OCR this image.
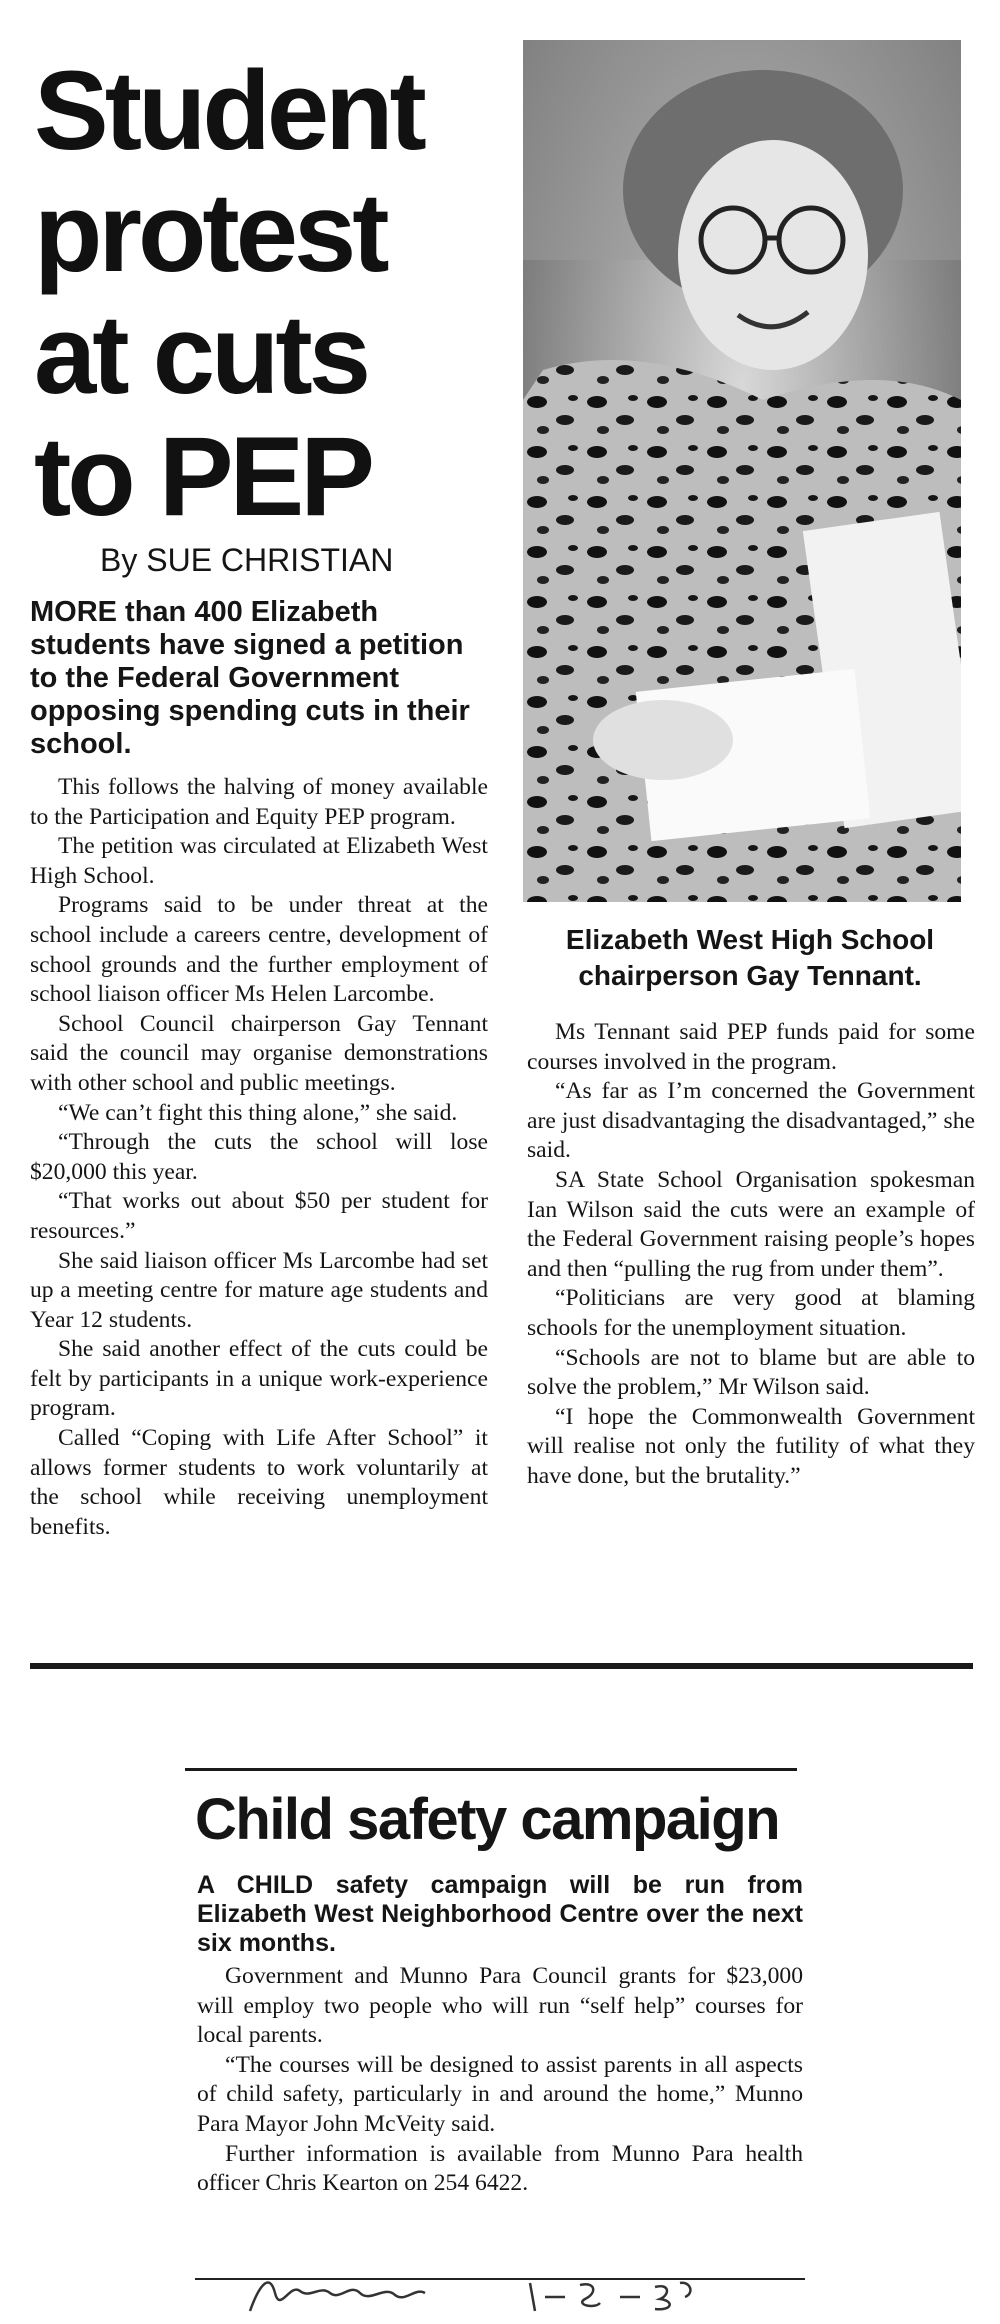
Student
protest
at cuts
to PEP
By SUE CHRISTIAN

MORE than 400 Elizabeth students have signed a petition to the Federal Government opposing spending cuts in their school.

This follows the halving of money available to the Participation and Equity PEP program.

The petition was circulated at Elizabeth West High School.

Programs said to be under threat at the school include a careers centre, development of school grounds and the further employment of school liaison officer Ms Helen Larcombe.

School Council chairperson Gay Tennant said the council may organise demonstrations with other school and public meetings.

“We can’t fight this thing alone,” she said.

“Through the cuts the school will lose $20,000 this year.

“That works out about $50 per student for resources.”

She said liaison officer Ms Larcombe had set up a meeting centre for mature age students and Year 12 students.

She said another effect of the cuts could be felt by participants in a unique work-experience program.

Called “Coping with Life After School” it allows former students to work voluntarily at the school while receiving unemployment benefits.

Elizabeth West High School chairperson Gay Tennant.

Ms Tennant said PEP funds paid for some courses involved in the program.

“As far as I’m concerned the Government are just disadvantaging the disadvantaged,” she said.

SA State School Organisation spokesman Ian Wilson said the cuts were an example of the Federal Government raising people’s hopes and then “pulling the rug from under them”.

“Politicians are very good at blaming schools for the unemployment situation.

“Schools are not to blame but are able to solve the problem,” Mr Wilson said.

“I hope the Commonwealth Government will realise not only the futility of what they have done, but the brutality.”

Child safety campaign

A CHILD safety campaign will be run from Elizabeth West Neighborhood Centre over the next six months.

Government and Munno Para Council grants for $23,000 will employ two people who will run “self help” courses for local parents.

“The courses will be designed to assist parents in all aspects of child safety, particularly in and around the home,” Munno Para Mayor John McVeity said.

Further information is available from Munno Para health officer Chris Kearton on 254 6422.
